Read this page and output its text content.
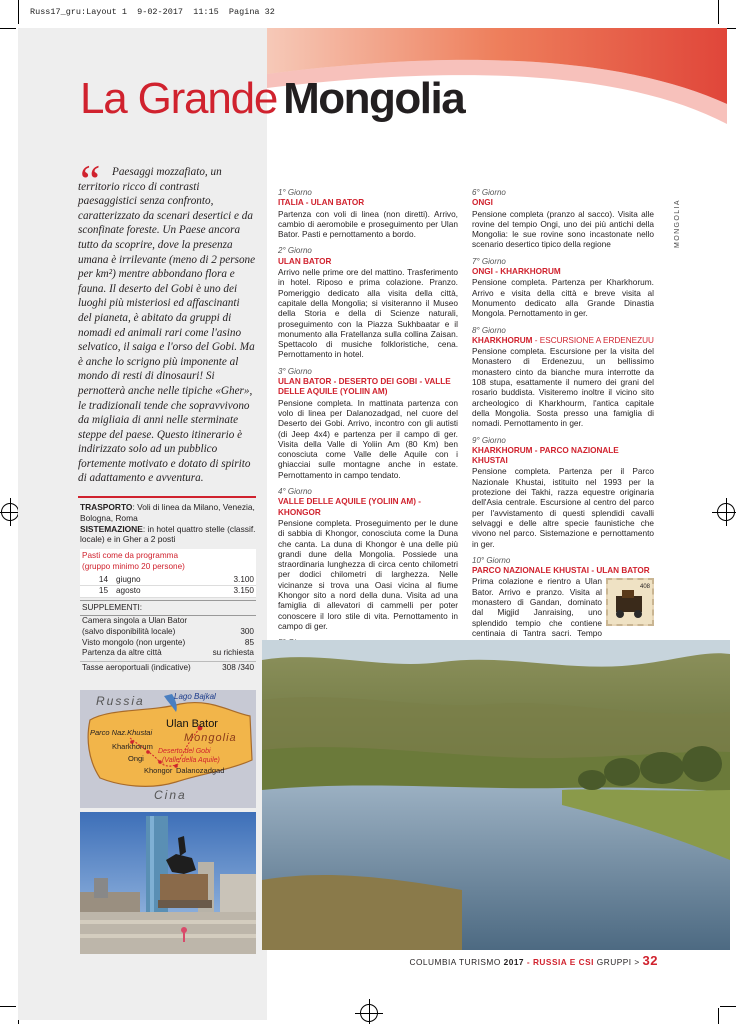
Russ17_gru:Layout 1  9-02-2017  11:15  Pagina 32
La Grande Mongolia
“	Paesaggi mozzafiato, un territorio ricco di contrasti paesaggistici senza confronto, caratterizzato da scenari desertici e da sconfinate foreste. Un Paese ancora tutto da scoprire, dove la presenza umana è irrilevante (meno di 2 persone per km²) mentre abbondano flora e fauna. Il deserto del Gobi è uno dei luoghi più misteriosi ed affascinanti del pianeta, è abitato da gruppi di nomadi ed animali rari come l'asino selvatico, il saiga e l'orso del Gobi. Ma è anche lo scrigno più imponente al mondo di resti di dinosauri! Si pernotterà anche nelle tipiche «Gher», le tradizionali tende che sopravvivono da migliaia di anni nelle sterminate steppe del paese. Questo itinerario è indirizzato solo ad un pubblico fortemente motivato e dotato di spirito di adattamento e avventura.

TRASPORTO: Voli di linea da Milano, Venezia, Bologna, Roma
SISTEMAZIONE: in hotel quattro stelle (classif. locale) e in Gher a 2 posti
Pasti come da programma
(gruppo minimo 20 persone)
14 giugno	3.100
15 agosto	3.150
SUPPLEMENTI:
Camera singola a Ulan Bator
(salvo disponibilità locale)	300
Visto mongolo (non urgente)	85
Partenza da altre città	su richiesta
Tasse aeroportuali (indicative)	308 /340
Russia	Lago Bajkal
Ulan Bator
Parco Naz.Khustai	Mongolia
Kharkhorum
Deserto del Gobi
Ongi	(Valle della Aquile)
Khongor Dalanozadgad
Cina
1° Giorno
ITALIA - ULAN BATOR
Partenza con voli di linea (non diretti). Arrivo, cambio di aeromobile e proseguimento per Ulan Bator. Pasti e pernottamento a bordo.
2° Giorno
ULAN BATOR
Arrivo nelle prime ore del mattino. Trasferimento in hotel. Riposo e prima colazione. Pranzo. Pomeriggio dedicato alla visita della città, capitale della Mongolia; si visiteranno il Museo della Storia e della di Scienze naturali, proseguimento con la Piazza Sukhbaatar e il monumento alla Fratellanza sulla collina Zaisan. Spettacolo di musiche folkloristiche, cena. Pernottamento in hotel.
3° Giorno
ULAN BATOR - DESERTO DEI GOBI - VALLE DELLE AQUILE (YOLIIN AM)
Pensione completa. In mattinata partenza con volo di linea per Dalanozadgad, nel cuore del Deserto dei Gobi. Arrivo, incontro con gli autisti (di Jeep 4x4) e partenza per il campo di ger. Visita della Valle di Yoliin Am (80 Km) ben conosciuta come Valle delle Aquile con i ghiacciai sulle montagne anche in estate. Pernottamento in campo tendato.
4° Giorno
VALLE DELLE AQUILE (YOLIIN AM) - KHONGOR
Pensione completa. Proseguimento per le dune di sabbia di Khongor, conosciuta come la Duna che canta. La duna di Khongor è una delle più grandi dune della Mongolia. Possiede una straordinaria lunghezza di circa cento chilometri per dodici chilometri di larghezza. Nelle vicinanze si trova una Oasi vicina al fiume Khongor sito a nord della duna. Visita ad una famiglia di allevatori di cammelli per poter conoscere il loro stile di vita. Pernottamento in campo di ger.
6° Giorno
ONGI
Pensione completa (pranzo al sacco). Visita alle rovine del tempio Ongi, uno dei più antichi della Mongolia: le sue rovine sono incastonate nello scenario desertico tipico della regione
7° Giorno
ONGI - KHARKHORUM
Pensione completa. Partenza per Kharkhorum. Arrivo e visita della città e breve visita al Monumento dedicato alla Grande Dinastia Mongola. Pernottamento in ger.
8° Giorno
KHARKHORUM - ESCURSIONE A ERDENEZUU
Pensione completa. Escursione per la visita del Monastero di Erdenezuu, un bellissimo monastero cinto da bianche mura interrotte da 108 stupa, esattamente il numero dei grani del rosario buddista. Visiteremo inoltre il vicino sito archeologico di Kharkhourm, l'antica capitale della Mongolia. Sosta presso una famiglia di nomadi. Pernottamento in ger.
9° Giorno
KHARKHORUM - PARCO NAZIONALE KHUSTAI
Pensione completa. Partenza per il Parco Nazionale Khustai, istituito nel 1993 per la protezione dei Takhi, razza equestre originaria dell'Asia centrale. Escursione al centro del parco per l'avvistamento di questi splendidi cavalli selvaggi e delle altre specie faunistiche che vivono nel parco. Sistemazione e pernottamento in ger.
10° Giorno
PARCO NAZIONALE KHUSTAI - ULAN BATOR
408
Prima colazione e rientro a Ulan Bator. Arrivo e pranzo. Visita al monastero di Gandan, dominato dal Migjid Janraising, uno splendido tempio che contiene centinaia di Tantra sacri. Tempo
MONGOLIA
COLUMBIA TURISMO 2017 - RUSSIA E CSI GRUPPI > 32
